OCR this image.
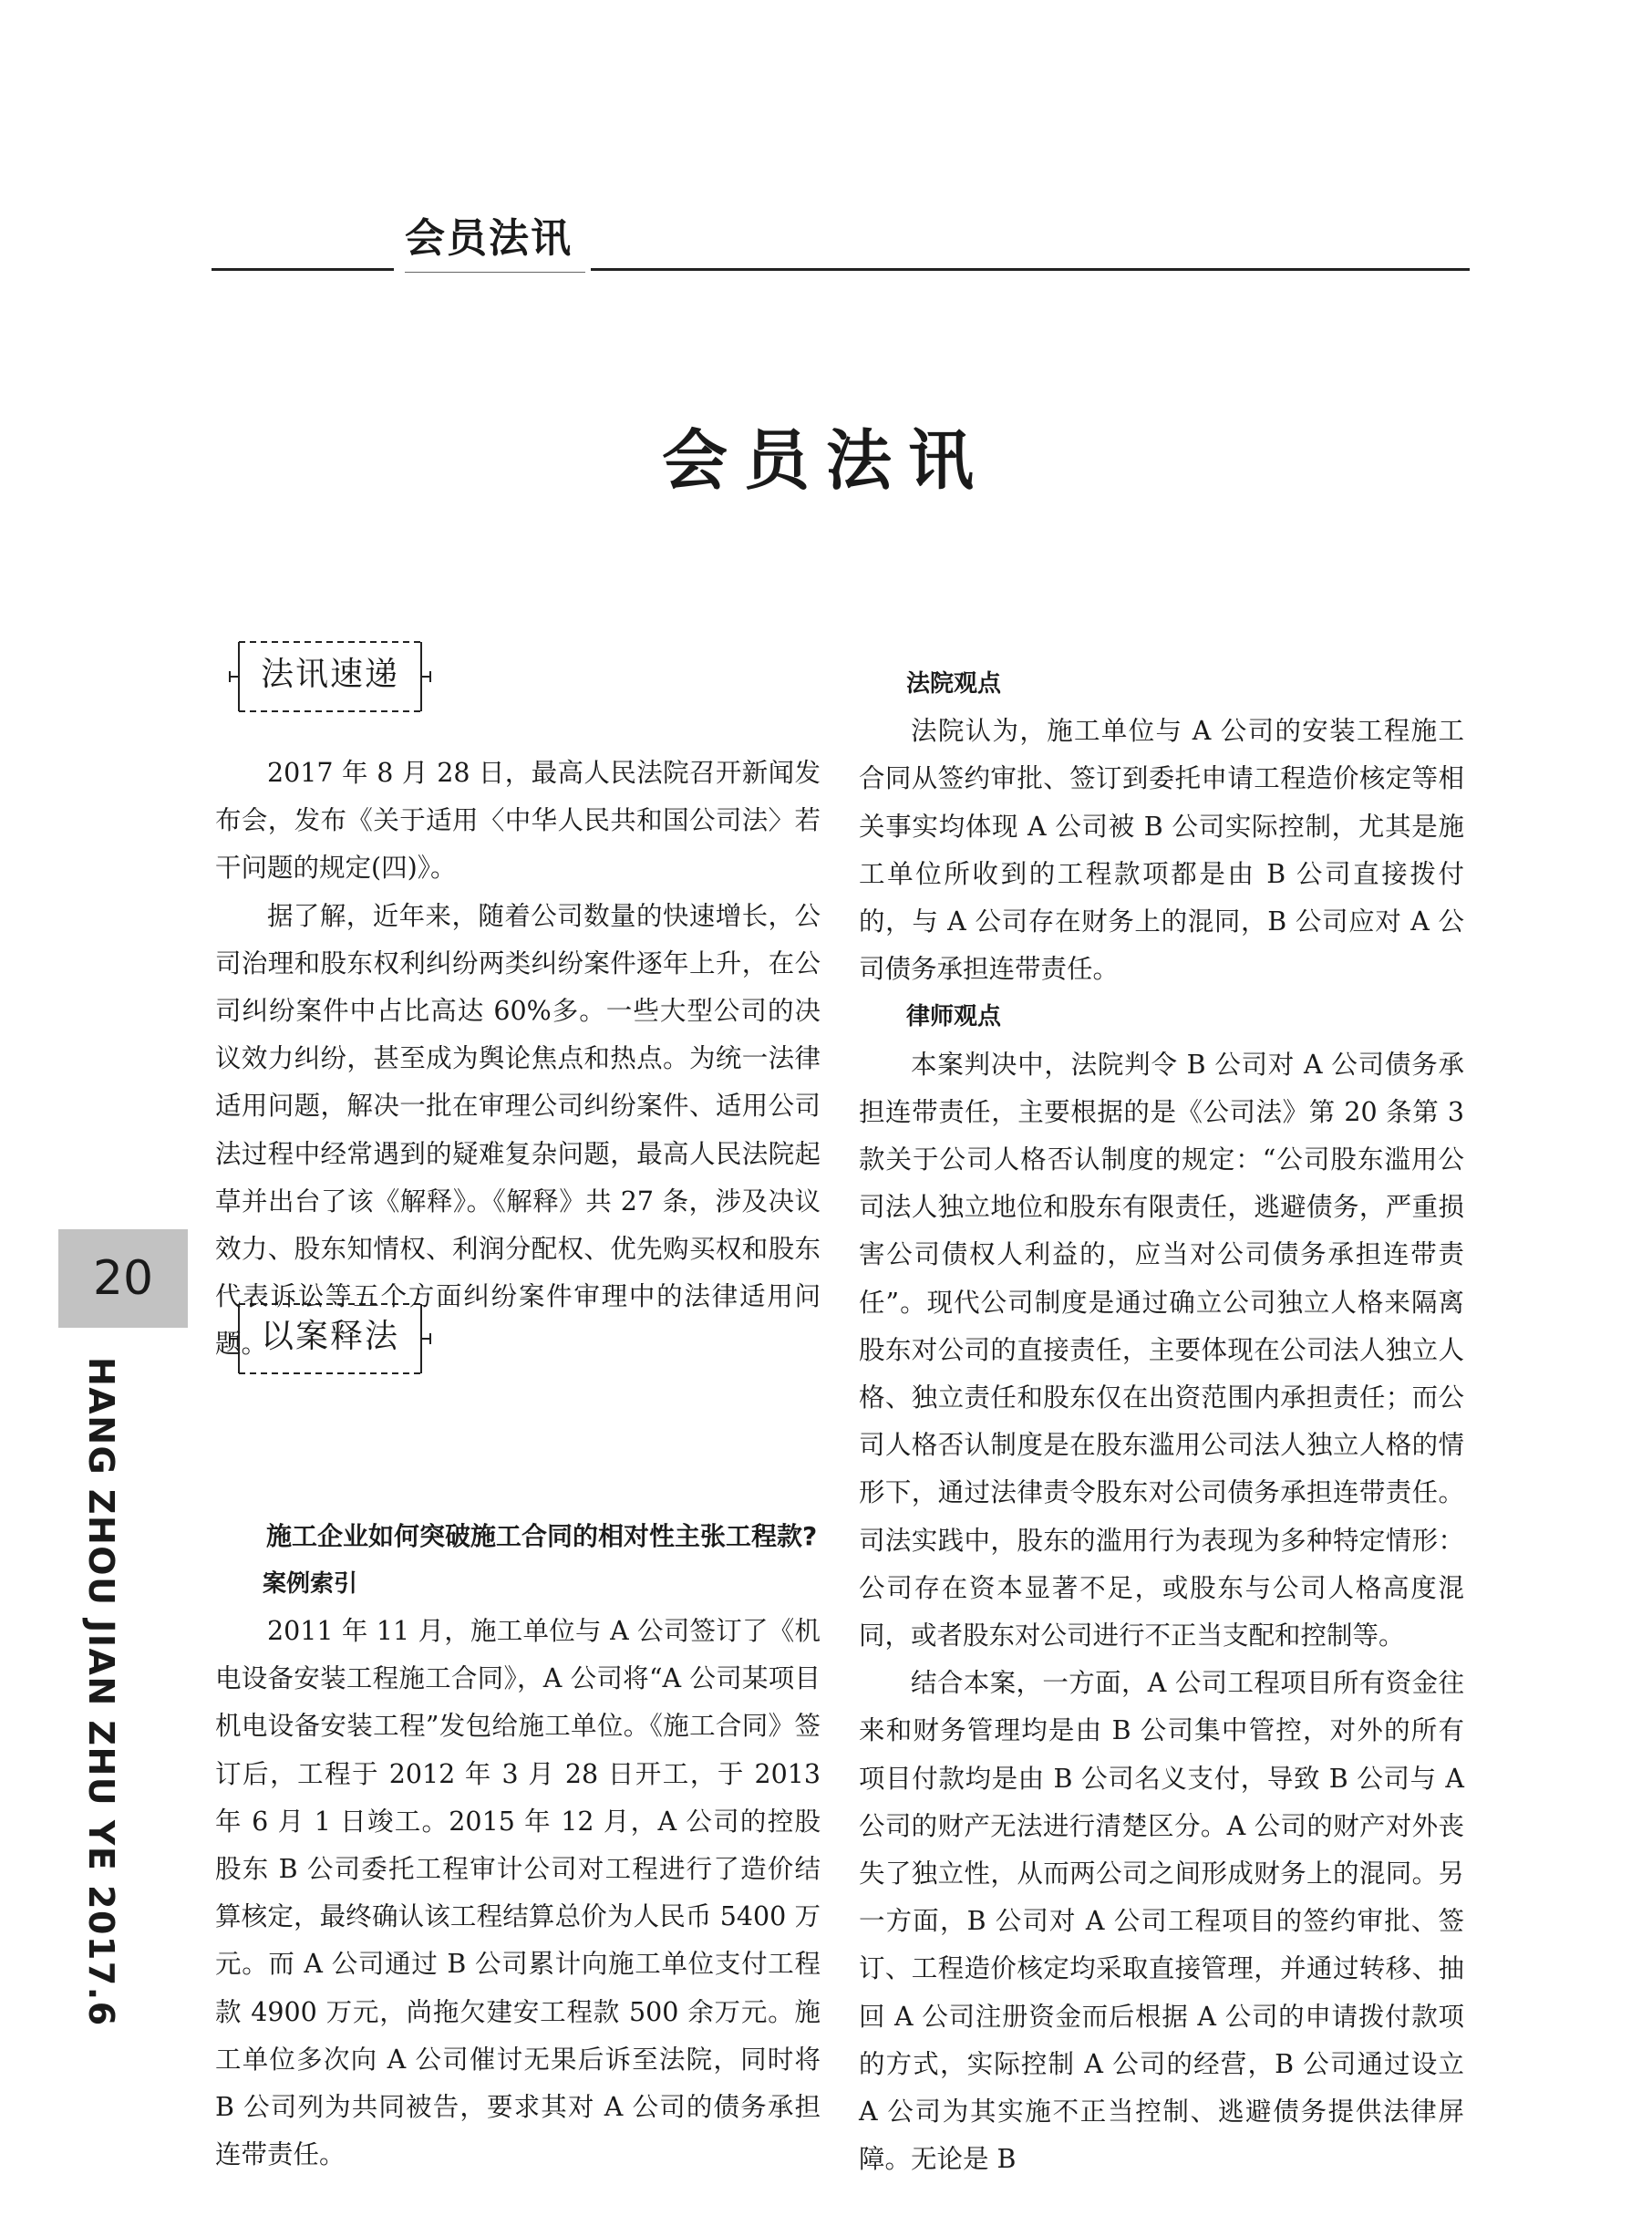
会员法讯
会员法讯
法讯速递
以案释法

2017 年 8 月 28 日，最高人民法院召开新闻发布会，发布《关于适用〈中华人民共和国公司法〉若干问题的规定(四)》。

据了解，近年来，随着公司数量的快速增长，公司治理和股东权利纠纷两类纠纷案件逐年上升，在公司纠纷案件中占比高达 60%多。一些大型公司的决议效力纠纷，甚至成为舆论焦点和热点。为统一法律适用问题，解决一批在审理公司纠纷案件、适用公司法过程中经常遇到的疑难复杂问题，最高人民法院起草并出台了该《解释》。《解释》共 27 条，涉及决议效力、股东知情权、利润分配权、优先购买权和股东代表诉讼等五个方面纠纷案件审理中的法律适用问题。

施工企业如何突破施工合同的相对性主张工程款?

案例索引

2011 年 11 月，施工单位与 A 公司签订了《机电设备安装工程施工合同》，A 公司将“A 公司某项目机电设备安装工程”发包给施工单位。《施工合同》签订后，工程于 2012 年 3 月 28 日开工，于 2013 年 6 月 1 日竣工。2015 年 12 月，A 公司的控股股东 B 公司委托工程审计公司对工程进行了造价结算核定，最终确认该工程结算总价为人民币 5400 万元。而 A 公司通过 B 公司累计向施工单位支付工程款 4900 万元，尚拖欠建安工程款 500 余万元。施工单位多次向 A 公司催讨无果后诉至法院，同时将 B 公司列为共同被告，要求其对 A 公司的债务承担连带责任。

法院观点

法院认为，施工单位与 A 公司的安装工程施工合同从签约审批、签订到委托申请工程造价核定等相关事实均体现 A 公司被 B 公司实际控制，尤其是施工单位所收到的工程款项都是由 B 公司直接拨付的，与 A 公司存在财务上的混同，B 公司应对 A 公司债务承担连带责任。

律师观点

本案判决中，法院判令 B 公司对 A 公司债务承担连带责任，主要根据的是《公司法》第 20 条第 3 款关于公司人格否认制度的规定：“公司股东滥用公司法人独立地位和股东有限责任，逃避债务，严重损害公司债权人利益的，应当对公司债务承担连带责任”。现代公司制度是通过确立公司独立人格来隔离股东对公司的直接责任，主要体现在公司法人独立人格、独立责任和股东仅在出资范围内承担责任；而公司人格否认制度是在股东滥用公司法人独立人格的情形下，通过法律责令股东对公司债务承担连带责任。司法实践中，股东的滥用行为表现为多种特定情形：公司存在资本显著不足，或股东与公司人格高度混同，或者股东对公司进行不正当支配和控制等。

结合本案，一方面，A 公司工程项目所有资金往来和财务管理均是由 B 公司集中管控，对外的所有项目付款均是由 B 公司名义支付，导致 B 公司与 A 公司的财产无法进行清楚区分。A 公司的财产对外丧失了独立性，从而两公司之间形成财务上的混同。另一方面，B 公司对 A 公司工程项目的签约审批、签订、工程造价核定均采取直接管理，并通过转移、抽回 A 公司注册资金而后根据 A 公司的申请拨付款项的方式，实际控制 A 公司的经营，B 公司通过设立 A 公司为其实施不正当控制、逃避债务提供法律屏障。无论是 B

20
HANG ZHOU JIAN ZHU YE 2017.6
